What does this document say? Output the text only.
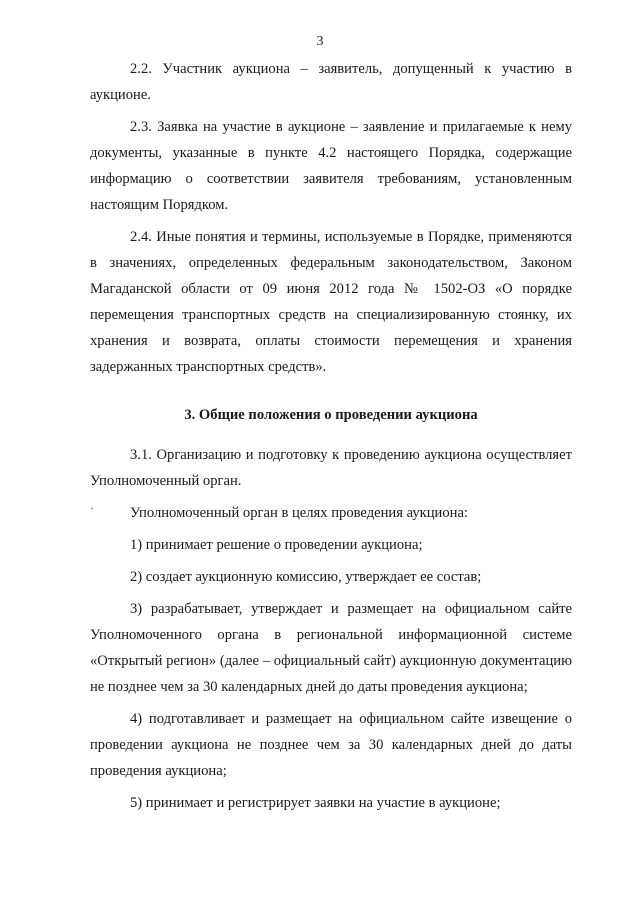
3

2.2. Участник аукциона – заявитель, допущенный к участию в аукционе.

2.3. Заявка на участие в аукционе – заявление и прилагаемые к нему документы, указанные в пункте 4.2 настоящего Порядка, содержащие информацию о соответствии заявителя требованиям, установленным настоящим Порядком.

2.4. Иные понятия и термины, используемые в Порядке, применяются в значениях, определенных федеральным законодательством, Законом Магаданской области от 09 июня 2012 года № 1502-ОЗ «О порядке перемещения транспортных средств на специализированную стоянку, их хранения и возврата, оплаты стоимости перемещения и хранения задержанных транспортных средств».

3. Общие положения о проведении аукциона

3.1. Организацию и подготовку к проведению аукциона осуществляет Уполномоченный орган.

Уполномоченный орган в целях проведения аукциона:

1) принимает решение о проведении аукциона;

2) создает аукционную комиссию, утверждает ее состав;

3) разрабатывает, утверждает и размещает на официальном сайте Уполномоченного органа в региональной информационной системе «Открытый регион» (далее – официальный сайт) аукционную документацию не позднее чем за 30 календарных дней до даты проведения аукциона;

4) подготавливает и размещает на официальном сайте извещение о проведении аукциона не позднее чем за 30 календарных дней до даты проведения аукциона;

5) принимает и регистрирует заявки на участие в аукционе;

`
